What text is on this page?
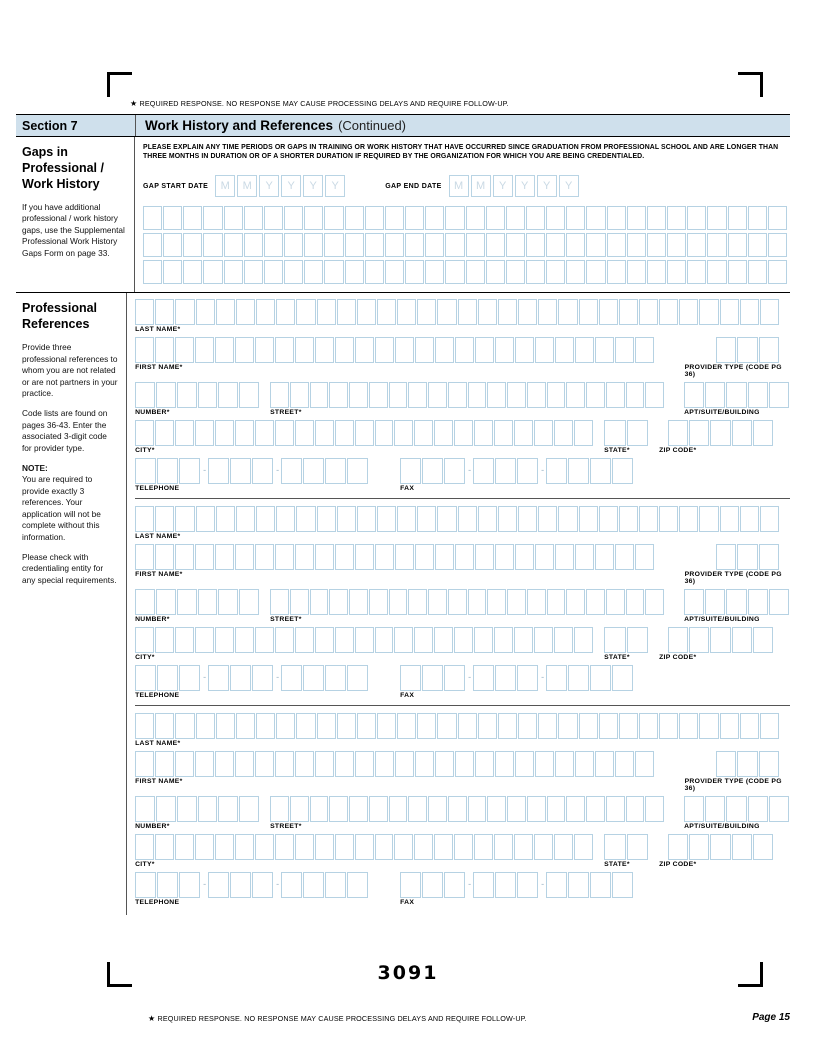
★ REQUIRED RESPONSE. NO RESPONSE MAY CAUSE PROCESSING DELAYS AND REQUIRE FOLLOW-UP.
Section 7	Work History and References (Continued)
Gaps in Professional / Work History

If you have additional professional / work history gaps, use the Supplemental Professional Work History Gaps Form on page 33.

PLEASE EXPLAIN ANY TIME PERIODS OR GAPS IN TRAINING OR WORK HISTORY THAT HAVE OCCURRED SINCE GRADUATION FROM PROFESSIONAL SCHOOL AND ARE LONGER THAN THREE MONTHS IN DURATION OR OF A SHORTER DURATION IF REQUIRED BY THE ORGANIZATION FOR WHICH YOU ARE BEING CREDENTIALED.
GAP START DATE	M	M	Y	Y	Y	Y	GAP END DATE	M	M	Y	Y	Y	Y
Professional References

Provide three professional references to whom you are not related or are not partners in your practice.

Code lists are found on pages 36-43. Enter the associated 3-digit code for provider type.

NOTE:
You are required to provide exactly 3 references. Your application will not be complete without this information.

Please check with credentialing entity for any special requirements.

LAST NAME*
FIRST NAME*	PROVIDER TYPE (CODE PG 36)
NUMBER*	STREET*	APT/SUITE/BUILDING
CITY*	STATE*	ZIP CODE*
-	-	-	-
TELEPHONE	FAX
LAST NAME*
FIRST NAME*	PROVIDER TYPE (CODE PG 36)
NUMBER*	STREET*	APT/SUITE/BUILDING
CITY*	STATE*	ZIP CODE*
-	-	-	-
TELEPHONE	FAX
LAST NAME*
FIRST NAME*	PROVIDER TYPE (CODE PG 36)
NUMBER*	STREET*	APT/SUITE/BUILDING
CITY*	STATE*	ZIP CODE*
-	-	-	-
TELEPHONE	FAX
3091
★ REQUIRED RESPONSE. NO RESPONSE MAY CAUSE PROCESSING DELAYS AND REQUIRE FOLLOW-UP.	Page 15
